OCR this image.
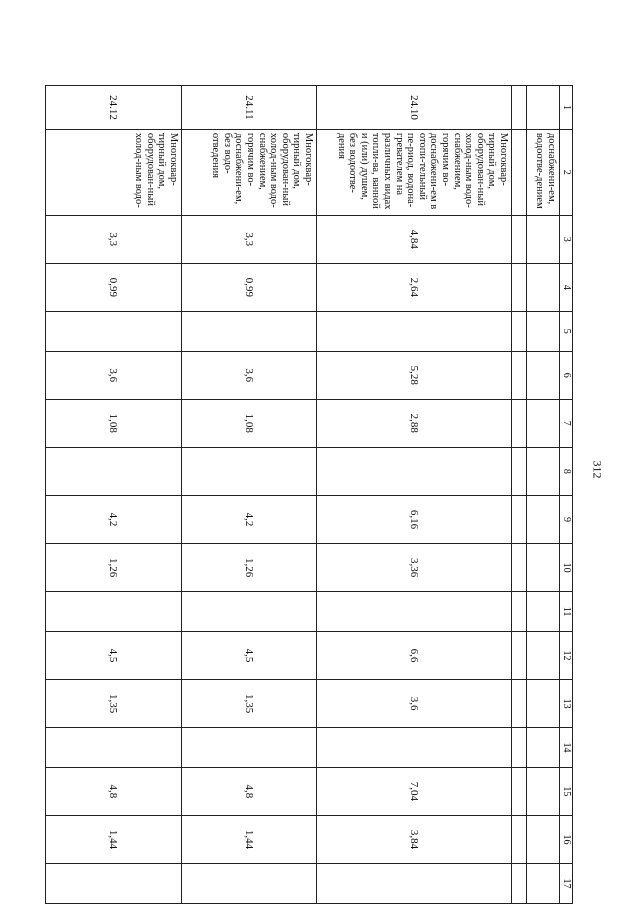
312
1	2	3	4	5	6	7	8	9	10	11	12	13	14	15	16	17
	доснабжени-ем, водоотве-дением															

24.10	Многоквар-тирный дом, оборудован-ный холод-ным водо-снабжением, горячим во-доснабжени-ем в отопи-тельный пе-риод, водона-гревателем на различных видах топли-ва, ванной и (или) душем, без водоотве-дения	4,84	2,64		5,28	2,88		6,16	3,36		6,6	3,6		7,04	3,84	
24.11	Многоквар-тирный дом, оборудован-ный холод-ным водо-снабжением, горячим во-доснабжени-ем, без водо-отведения	3,3	0,99		3,6	1,08		4,2	1,26		4,5	1,35		4,8	1,44	
24.12	Многоквар-тирный дом, оборудован-ный холод-ным водо-	3,3	0,99		3,6	1,08		4,2	1,26		4,5	1,35		4,8	1,44	
